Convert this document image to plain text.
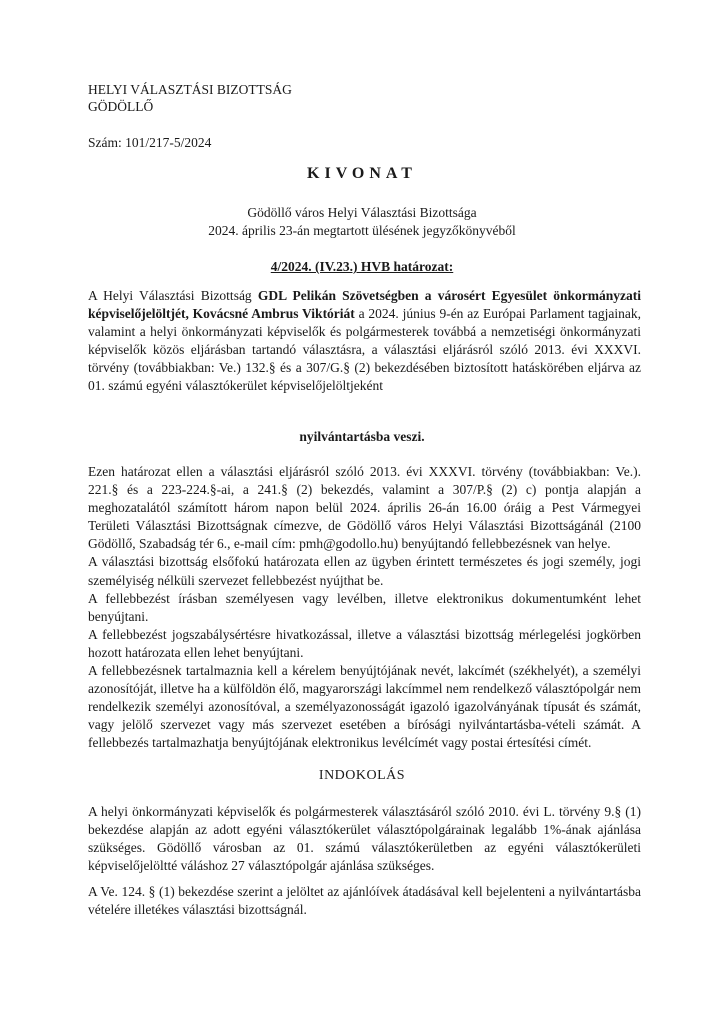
HELYI VÁLASZTÁSI BIZOTTSÁG
GÖDÖLLŐ
Szám: 101/217-5/2024
KIVONAT
Gödöllő város Helyi Választási Bizottsága
2024. április 23-án megtartott ülésének jegyzőkönyvéből
4/2024. (IV.23.) HVB határozat:

A Helyi Választási Bizottság GDL Pelikán Szövetségben a városért Egyesület önkormányzati képviselőjelöltjét, Kovácsné Ambrus Viktóriát a 2024. június 9-én az Európai Parlament tagjainak, valamint a helyi önkormányzati képviselők és polgármesterek továbbá a nemzetiségi önkormányzati képviselők közös eljárásban tartandó választásra, a választási eljárásról szóló 2013. évi XXXVI. törvény (továbbiakban: Ve.) 132.§ és a 307/G.§ (2) bekezdésében biztosított hatáskörében eljárva az 01. számú egyéni választókerület képviselőjelöltjeként

nyilvántartásba veszi.

Ezen határozat ellen a választási eljárásról szóló 2013. évi XXXVI. törvény (továbbiakban: Ve.). 221.§ és a 223-224.§-ai, a 241.§ (2) bekezdés, valamint a 307/P.§ (2) c) pontja alapján a meghozatalától számított három napon belül 2024. április 26-án 16.00 óráig a Pest Vármegyei Területi Választási Bizottságnak címezve, de Gödöllő város Helyi Választási Bizottságánál (2100 Gödöllő, Szabadság tér 6., e-mail cím: pmh@godollo.hu) benyújtandó fellebbezésnek van helye.

A választási bizottság elsőfokú határozata ellen az ügyben érintett természetes és jogi személy, jogi személyiség nélküli szervezet fellebbezést nyújthat be.

A fellebbezést írásban személyesen vagy levélben, illetve elektronikus dokumentumként lehet benyújtani.

A fellebbezést jogszabálysértésre hivatkozással, illetve a választási bizottság mérlegelési jogkörben hozott határozata ellen lehet benyújtani.

A fellebbezésnek tartalmaznia kell a kérelem benyújtójának nevét, lakcímét (székhelyét), a személyi azonosítóját, illetve ha a külföldön élő, magyarországi lakcímmel nem rendelkező választópolgár nem rendelkezik személyi azonosítóval, a személyazonosságát igazoló igazolványának típusát és számát, vagy jelölő szervezet vagy más szervezet esetében a bírósági nyilvántartásba-vételi számát. A fellebbezés tartalmazhatja benyújtójának elektronikus levélcímét vagy postai értesítési címét.

INDOKOLÁS
A helyi önkormányzati képviselők és polgármesterek választásáról szóló 2010. évi L. törvény 9.§ (1) bekezdése alapján az adott egyéni választókerület választópolgárainak legalább 1%-ának ajánlása szükséges. Gödöllő városban az 01. számú választókerületben az egyéni választókerületi képviselőjelöltté váláshoz 27 választópolgár ajánlása szükséges.
A Ve. 124. § (1) bekezdése szerint a jelöltet az ajánlóívek átadásával kell bejelenteni a nyilvántartásba vételére illetékes választási bizottságnál.
